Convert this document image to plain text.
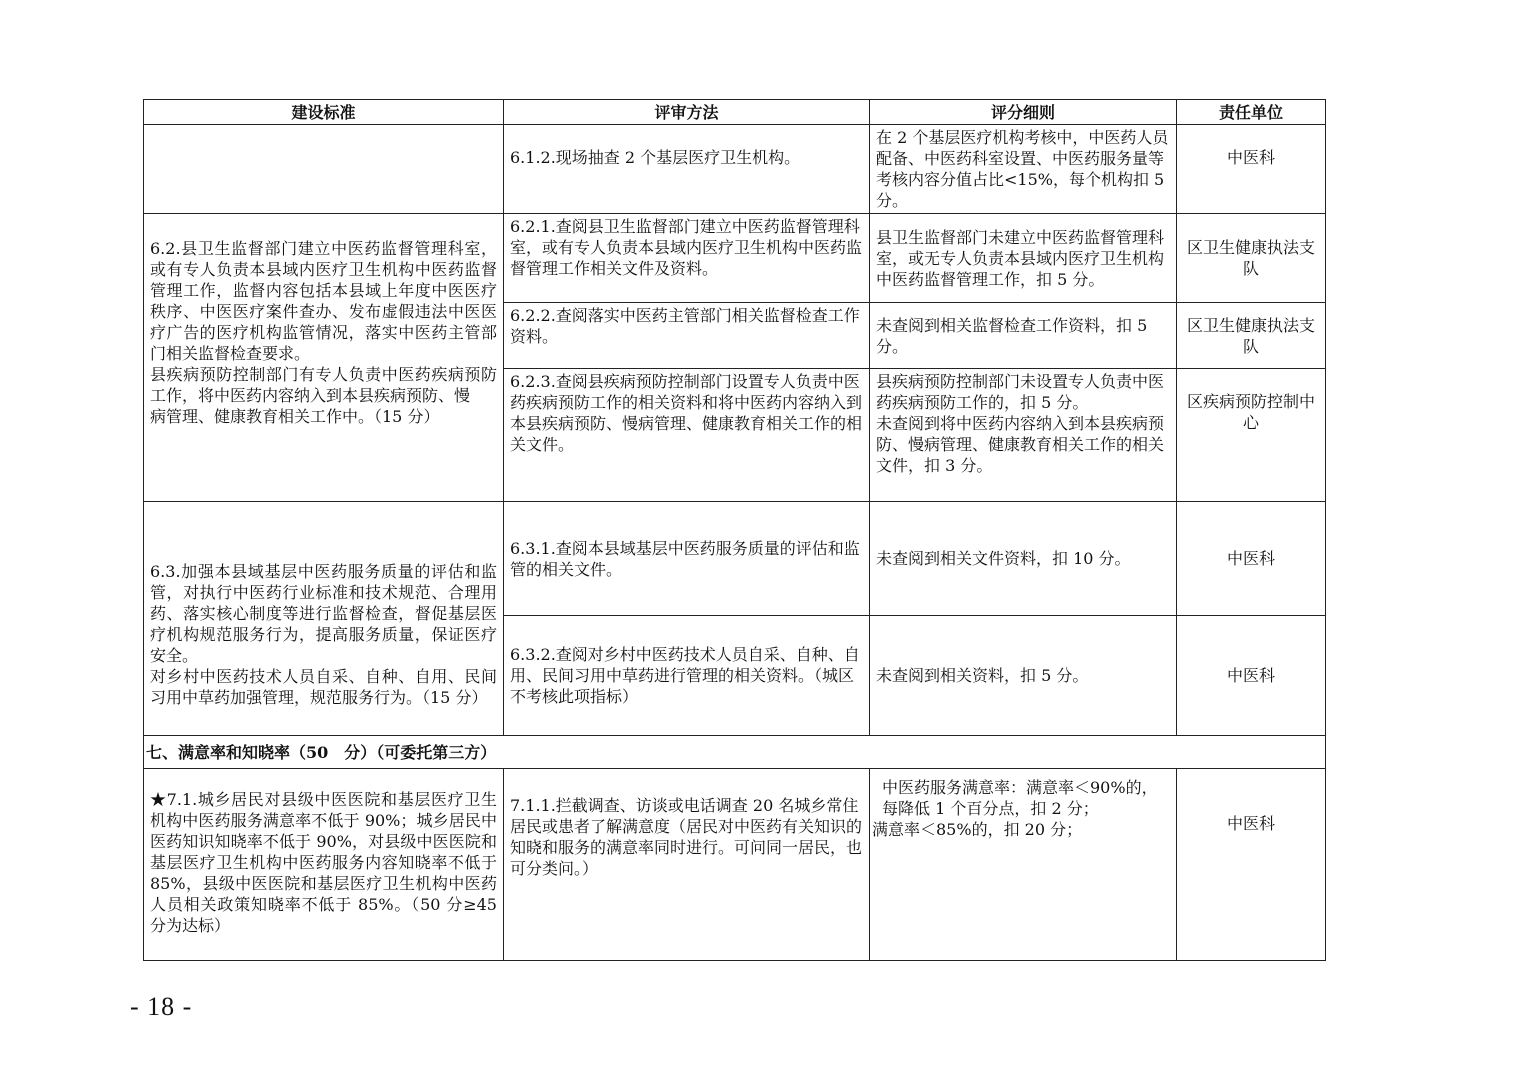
建设标准	评审方法	评分细则	责任单位
	6.1.2.现场抽查 2 个基层医疗卫生机构。	在 2 个基层医疗机构考核中，中医药人员配备、中医药科室设置、中医药服务量等考核内容分值占比<15%，每个机构扣 5 分。	中医科

6.2.县卫生监督部门建立中医药监督管理科室，或有专人负责本县域内医疗卫生机构中医药监督管理工作，监督内容包括本县域上年度中医医疗秩序、中医医疗案件查办、发布虚假违法中医医疗广告的医疗机构监管情况，落实中医药主管部门相关监督检查要求。
县疾病预防控制部门有专人负责中医药疾病预防工作，将中医药内容纳入到本县疾病预防、慢
病管理、健康教育相关工作中。（15 分）	6.2.1.查阅县卫生监督部门建立中医药监督管理科室，或有专人负责本县域内医疗卫生机构中医药监督管理工作相关文件及资料。	县卫生监督部门未建立中医药监督管理科室，或无专人负责本县域内医疗卫生机构中医药监督管理工作，扣 5 分。	区卫生健康执法支队
	6.2.2.查阅落实中医药主管部门相关监督检查工作资料。	未查阅到相关监督检查工作资料，扣 5 分。	区卫生健康执法支队
	6.2.3.查阅县疾病预防控制部门设置专人负责中医药疾病预防工作的相关资料和将中医药内容纳入到本县疾病预防、慢病管理、健康教育相关工作的相关文件。	县疾病预防控制部门未设置专人负责中医药疾病预防工作的，扣 5 分。
未查阅到将中医药内容纳入到本县疾病预防、慢病管理、健康教育相关工作的相关文件，扣 3 分。	区疾病预防控制中心

6.3.加强本县域基层中医药服务质量的评估和监管，对执行中医药行业标准和技术规范、合理用药、落实核心制度等进行监督检查，督促基层医疗机构规范服务行为，提高服务质量，保证医疗安全。
对乡村中医药技术人员自采、自种、自用、民间习用中草药加强管理，规范服务行为。（15 分）	6.3.1.查阅本县域基层中医药服务质量的评估和监管的相关文件。	未查阅到相关文件资料，扣 10 分。	中医科
	6.3.2.查阅对乡村中医药技术人员自采、自种、自用、民间习用中草药进行管理的相关资料。（城区不考核此项指标）	未查阅到相关资料，扣 5 分。	中医科
七、满意率和知晓率（50　分）（可委托第三方）			
★7.1.城乡居民对县级中医医院和基层医疗卫生机构中医药服务满意率不低于 90%；城乡居民中医药知识知晓率不低于 90%，对县级中医医院和基层医疗卫生机构中医药服务内容知晓率不低于 85%，县级中医医院和基层医疗卫生机构中医药人员相关政策知晓率不低于 85%。（50 分≥45 分为达标）	7.1.1.拦截调查、访谈或电话调查 20 名城乡常住居民或患者了解满意度（居民对中医药有关知识的知晓和服务的满意率同时进行。可问同一居民，也可分类问。）	中医药服务满意率：满意率＜90%的，
每降低 1 个百分点，扣 2 分；
满意率＜85%的，扣 20 分；	中医科
- 18 -
